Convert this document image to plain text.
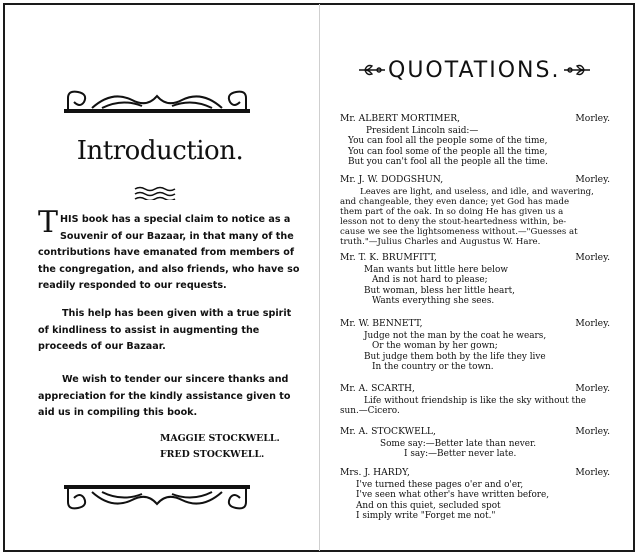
Introduction.

THIS book has a special claim to notice as a Souvenir of our Bazaar, in that many of the contributions have emanated from members of the congregation, and also friends, who have so readily responded to our requests.

This help has been given with a true spirit of kindliness to assist in augmenting the proceeds of our Bazaar.

We wish to tender our sincere thanks and appreciation for the kindly assistance given to aid us in compiling this book.

MAGGIE STOCKWELL.
FRED STOCKWELL.
QUOTATIONS.
Mr. ALBERT MORTIMER,	Morley.
President Lincoln said:—
You can fool all the people some of the time,
You can fool some of the people all the time,
But you can't fool all the people all the time.
Mr. J. W. DODGSHUN,	Morley.
Leaves are light, and useless, and idle, and wavering,
and changeable, they even dance; yet God has made
them part of the oak. In so doing He has given us a
lesson not to deny the stout-heartedness within, be-
cause we see the lightsomeness without.—"Guesses at
truth."—Julius Charles and Augustus W. Hare.
Mr. T. K. BRUMFITT,	Morley.
Man wants but little here below
And is not hard to please;
But woman, bless her little heart,
Wants everything she sees.
Mr. W. BENNETT,	Morley.
Judge not the man by the coat he wears,
Or the woman by her gown;
But judge them both by the life they live
In the country or the town.
Mr. A. SCARTH,	Morley.
Life without friendship is like the sky without the
sun.—Cicero.
Mr. A. STOCKWELL,	Morley.
Some say:—Better late than never.
I say:—Better never late.
Mrs. J. HARDY,	Morley.
I've turned these pages o'er and o'er,
I've seen what other's have written before,
And on this quiet, secluded spot
I simply write "Forget me not."
